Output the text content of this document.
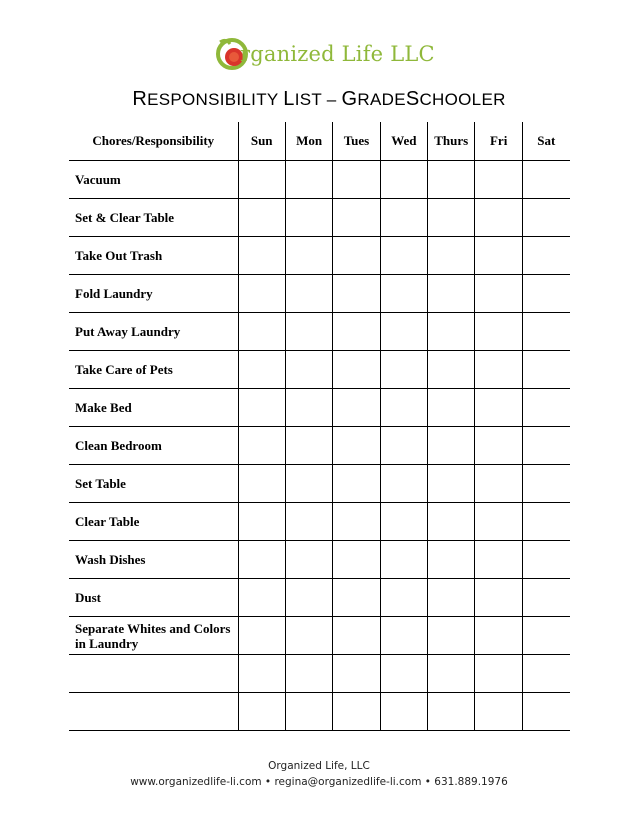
rganized Life LLC
RESPONSIBILITY LIST – GRADESCHOOLER
Chores/Responsibility	Sun	Mon	Tues	Wed	Thurs	Fri	Sat
Vacuum							
Set & Clear Table							
Take Out Trash							
Fold Laundry							
Put Away Laundry							
Take Care of Pets							
Make Bed							
Clean Bedroom							
Set Table							
Clear Table							
Wash Dishes							
Dust							
Separate Whites and Colors in Laundry							

Organized Life, LLC
www.organizedlife-li.com • regina@organizedlife-li.com • 631.889.1976
